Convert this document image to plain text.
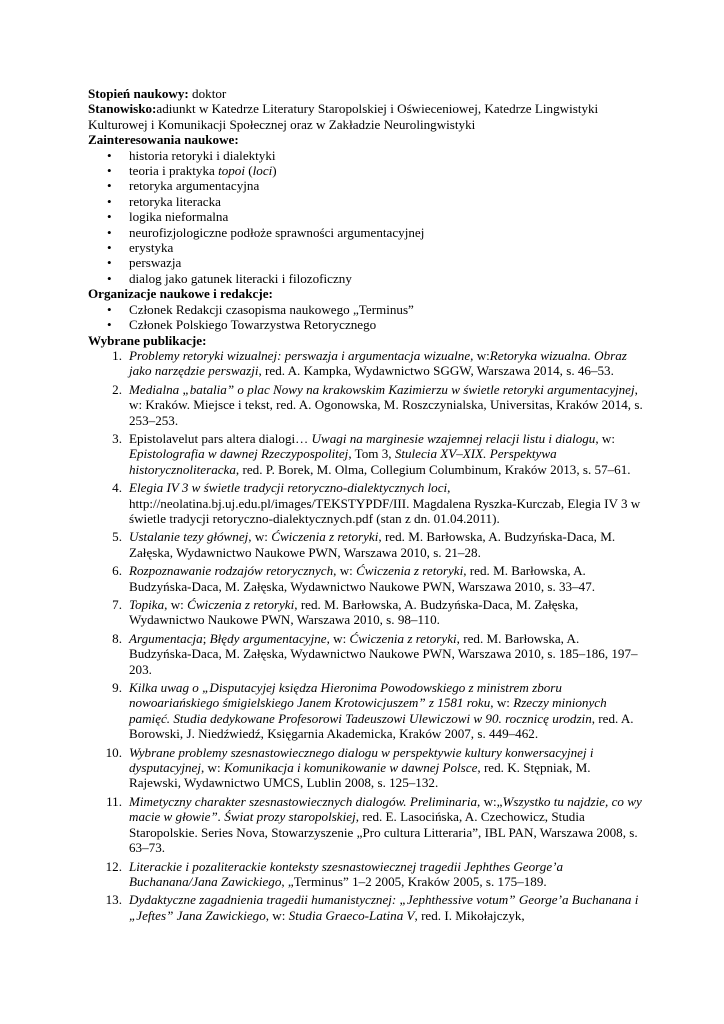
Stopień naukowy: doktor

Stanowisko:adiunkt w Katedrze Literatury Staropolskiej i Oświeceniowej, Katedrze Lingwistyki Kulturowej i Komunikacji Społecznej oraz w Zakładzie Neurolingwistyki

Zainteresowania naukowe:

• historia retoryki i dialektyki
• teoria i praktyka topoi (loci)
• retoryka argumentacyjna
• retoryka literacka
• logika nieformalna
• neurofizjologiczne podłoże sprawności argumentacyjnej
• erystyka
• perswazja
• dialog jako gatunek literacki i filozoficzny

Organizacje naukowe i redakcje:

• Członek Redakcji czasopisma naukowego „Terminus”
• Członek Polskiego Towarzystwa Retorycznego

Wybrane publikacje:

1. Problemy retoryki wizualnej: perswazja i argumentacja wizualne, w:Retoryka wizualna. Obraz jako narzędzie perswazji, red. A. Kampka, Wydawnictwo SGGW, Warszawa 2014, s. 46–53.
2. Medialna „batalia” o plac Nowy na krakowskim Kazimierzu w świetle retoryki argumentacyjnej, w: Kraków. Miejsce i tekst, red. A. Ogonowska, M. Roszczynialska, Universitas, Kraków 2014, s. 253–253.
3. Epistolavelut pars altera dialogi… Uwagi na marginesie wzajemnej relacji listu i dialogu, w: Epistolografia w dawnej Rzeczypospolitej, Tom 3, Stulecia XV–XIX. Perspektywa historycznoliteracka, red. P. Borek, M. Olma, Collegium Columbinum, Kraków 2013, s. 57–61.
4. Elegia IV 3 w świetle tradycji retoryczno-dialektycznych loci, http://neolatina.bj.uj.edu.pl/images/TEKSTYPDF/III. Magdalena Ryszka-Kurczab, Elegia IV 3 w świetle tradycji retoryczno-dialektycznych.pdf (stan z dn. 01.04.2011).
5. Ustalanie tezy głównej, w: Ćwiczenia z retoryki, red. M. Barłowska, A. Budzyńska-Daca, M. Załęska, Wydawnictwo Naukowe PWN, Warszawa 2010, s. 21–28.
6. Rozpoznawanie rodzajów retorycznych, w: Ćwiczenia z retoryki, red. M. Barłowska, A. Budzyńska-Daca, M. Załęska, Wydawnictwo Naukowe PWN, Warszawa 2010, s. 33–47.
7. Topika, w: Ćwiczenia z retoryki, red. M. Barłowska, A. Budzyńska-Daca, M. Załęska, Wydawnictwo Naukowe PWN, Warszawa 2010, s. 98–110.
8. Argumentacja; Błędy argumentacyjne, w: Ćwiczenia z retoryki, red. M. Barłowska, A. Budzyńska-Daca, M. Załęska, Wydawnictwo Naukowe PWN, Warszawa 2010, s. 185–186, 197–203.
9. Kilka uwag o „Disputacyjej księdza Hieronima Powodowskiego z ministrem zboru nowoariańskiego śmigielskiego Janem Krotowicjuszem” z 1581 roku, w: Rzeczy minionych pamięć. Studia dedykowane Profesorowi Tadeuszowi Ulewiczowi w 90. rocznicę urodzin, red. A. Borowski, J. Niedźwiedź, Księgarnia Akademicka, Kraków 2007, s. 449–462.
10. Wybrane problemy szesnastowiecznego dialogu w perspektywie kultury konwersacyjnej i dysputacyjnej, w: Komunikacja i komunikowanie w dawnej Polsce, red. K. Stępniak, M. Rajewski, Wydawnictwo UMCS, Lublin 2008, s. 125–132.
11. Mimetyczny charakter szesnastowiecznych dialogów. Preliminaria, w:„Wszystko tu najdzie, co wy macie w głowie”. Świat prozy staropolskiej, red. E. Lasocińska, A. Czechowicz, Studia Staropolskie. Series Nova, Stowarzyszenie „Pro cultura Litteraria”, IBL PAN, Warszawa 2008, s. 63–73.
12. Literackie i pozaliterackie konteksty szesnastowiecznej tragedii Jephthes George’a Buchanana/Jana Zawickiego, „Terminus” 1–2 2005, Kraków 2005, s. 175–189.
13. Dydaktyczne zagadnienia tragedii humanistycznej: „Jephthessive votum” George’a Buchanana i „Jeftes” Jana Zawickiego, w: Studia Graeco-Latina V, red. I. Mikołajczyk,
